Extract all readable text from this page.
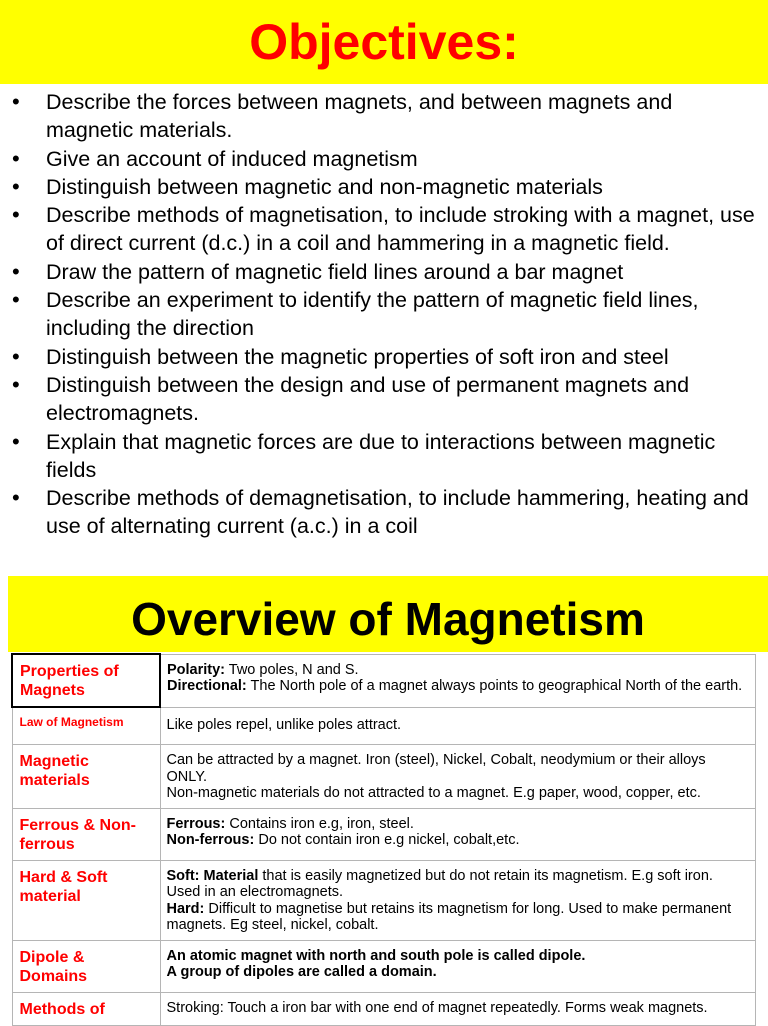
Objectives:
• Describe the forces between magnets, and between magnets and magnetic materials.
• Give an account of induced magnetism
• Distinguish between magnetic and non-magnetic materials
• Describe methods of magnetisation, to include stroking with a magnet, use of direct current (d.c.) in a coil and hammering in a magnetic field.
• Draw the pattern of magnetic field lines around a bar magnet
• Describe an experiment to identify the pattern of magnetic field lines, including the direction
• Distinguish between the magnetic properties of soft iron and steel
• Distinguish between the design and use of permanent magnets and electromagnets.
• Explain that magnetic forces are due to interactions between magnetic fields
• Describe methods of demagnetisation, to include hammering, heating and use of alternating current (a.c.) in a coil
Overview of Magnetism
Properties of Magnets	Polarity: Two poles, N and S.
Directional: The North pole of a magnet always points to geographical North of the earth.

Law of Magnetism	Like poles repel, unlike poles attract.

Magnetic materials	Can be attracted by a magnet. Iron (steel), Nickel, Cobalt, neodymium or their alloys ONLY.
Non-magnetic materials do not attracted to a magnet. E.g paper, wood, copper, etc.

Ferrous & Non-ferrous	Ferrous: Contains iron e.g, iron, steel.
Non-ferrous: Do not contain iron e.g nickel, cobalt,etc.

Hard & Soft material	Soft: Material that is easily magnetized but do not retain its magnetism. E.g soft iron. Used in an electromagnets.
Hard: Difficult to magnetise but retains its magnetism for long. Used to make permanent magnets. Eg steel, nickel, cobalt.

Dipole & Domains	An atomic magnet with north and south pole is called dipole.
A group of dipoles are called a domain.

Methods of	Stroking: Touch a iron bar with one end of magnet repeatedly. Forms weak magnets.
